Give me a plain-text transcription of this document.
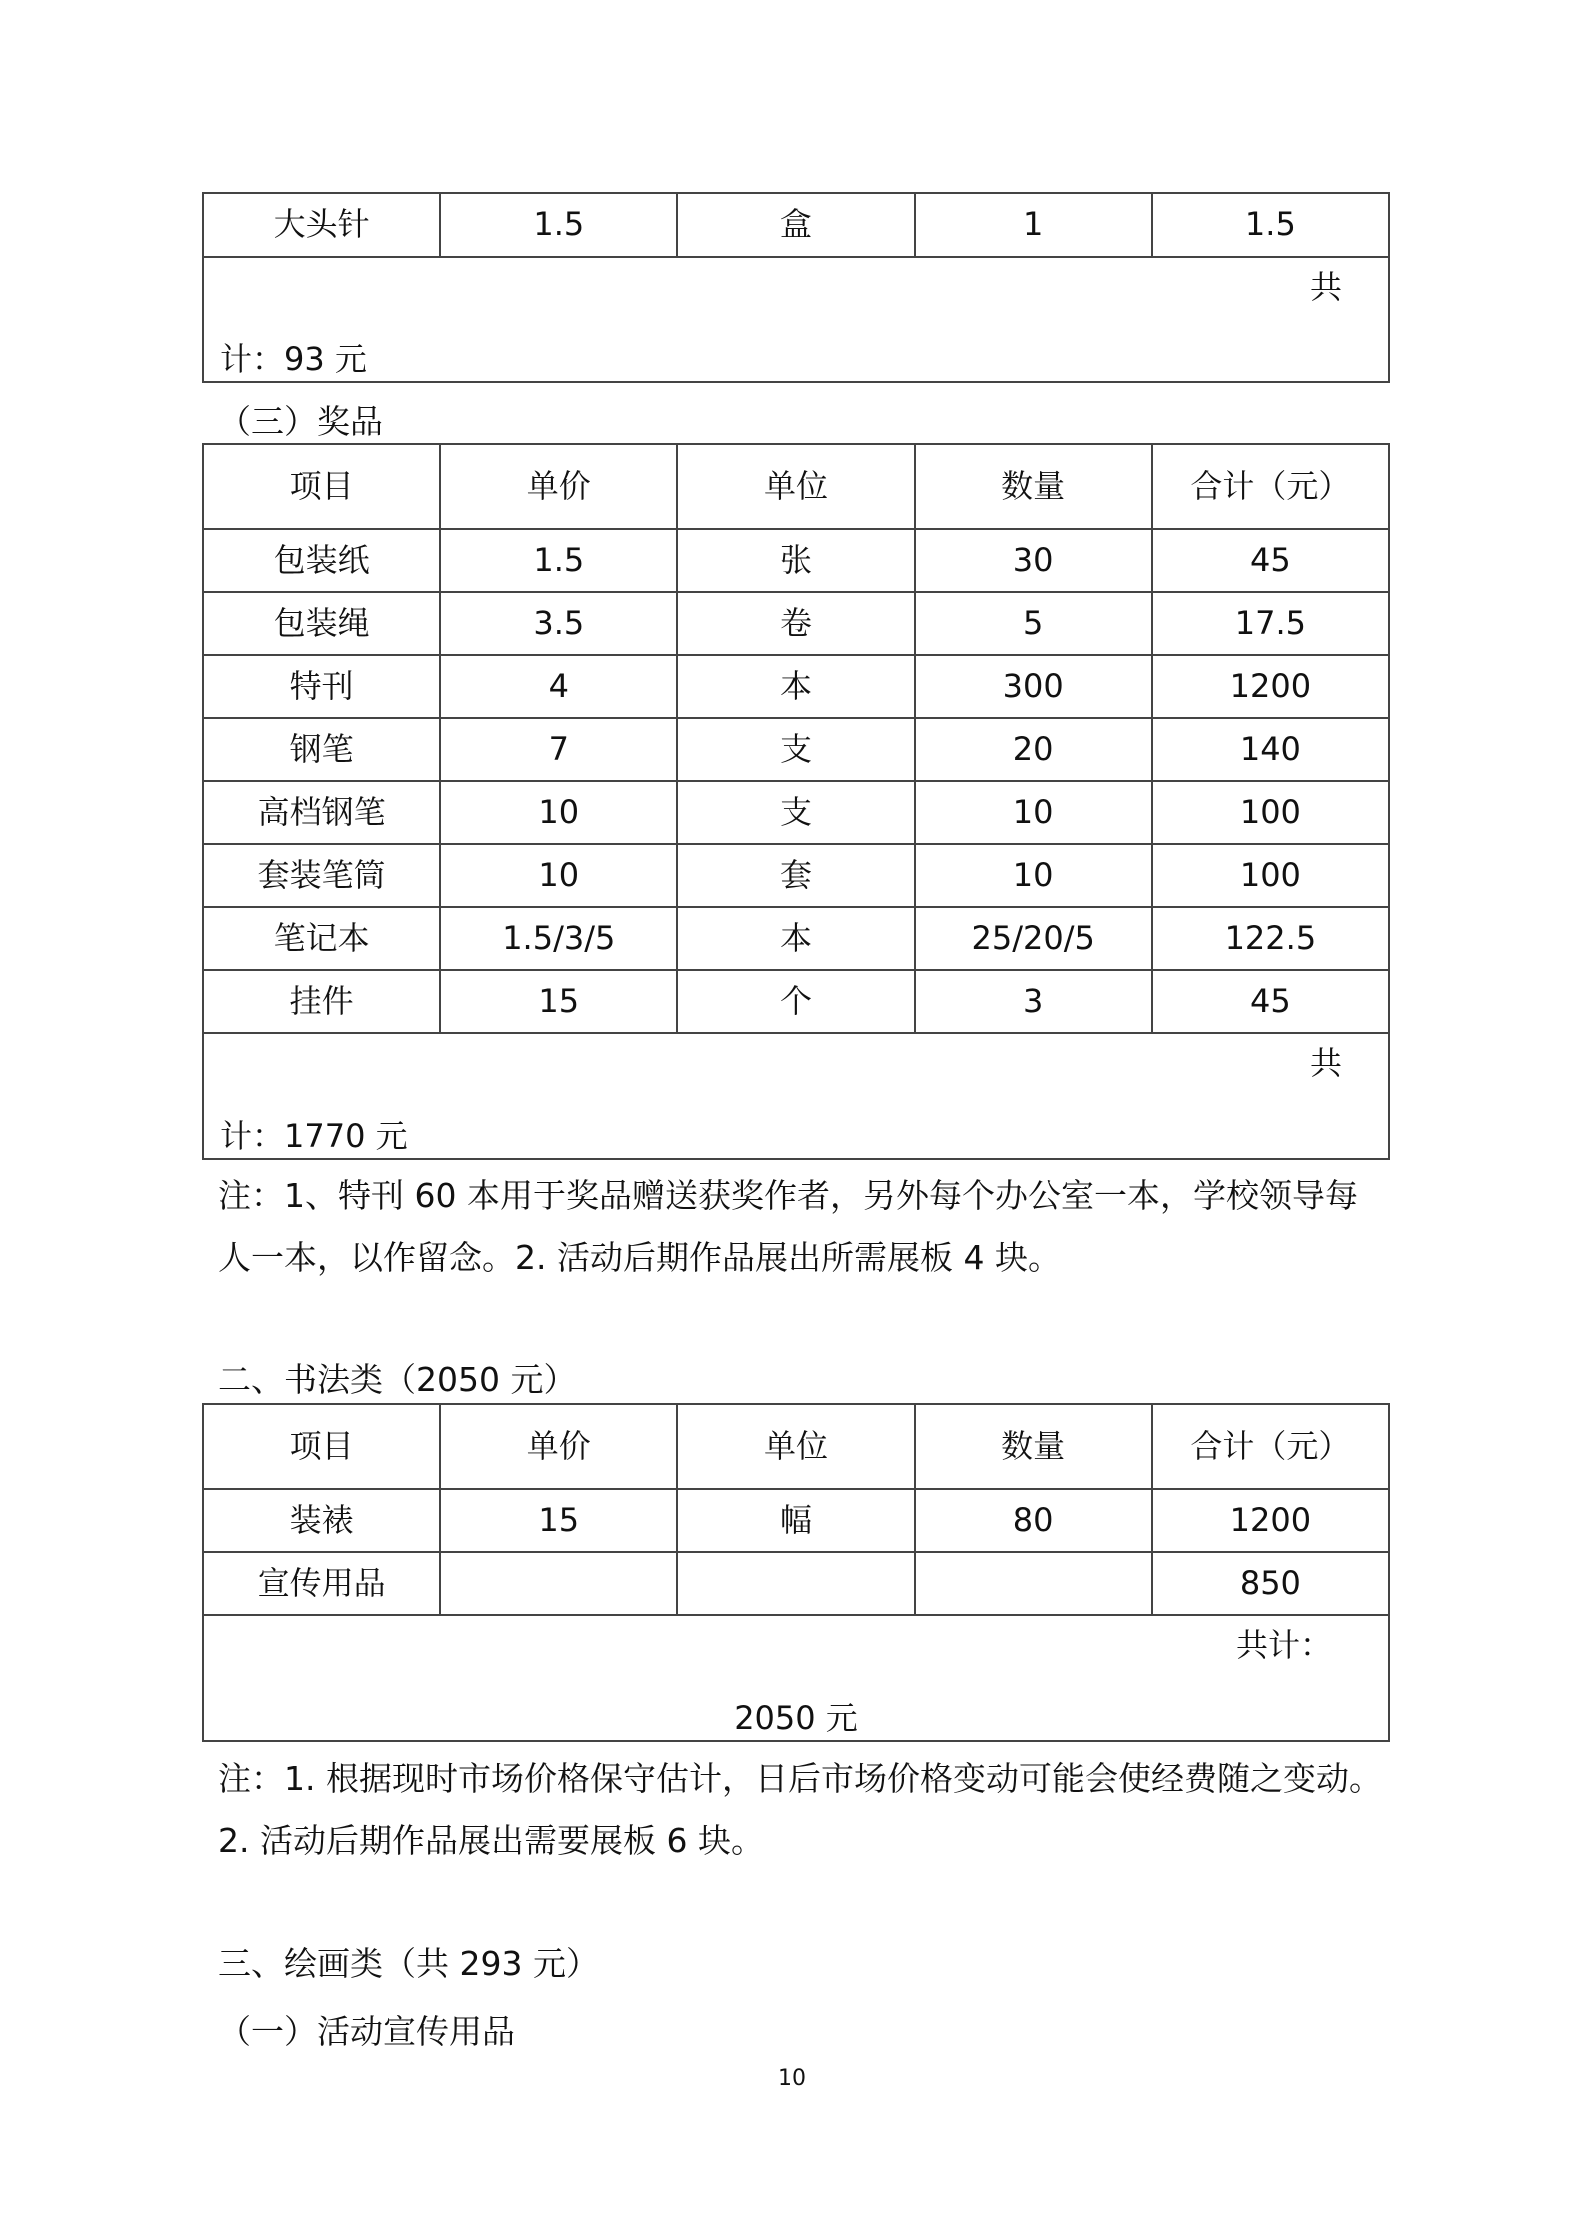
大头针	1.5	盒	1	1.5

共
计：93 元
（三）奖品
项目	单价	单位	数量	合计（元）
包装纸	1.5	张	30	45
包装绳	3.5	卷	5	17.5
特刊	4	本	300	1200
钢笔	7	支	20	140
高档钢笔	10	支	10	100
套装笔筒	10	套	10	100
笔记本	1.5/3/5	本	25/20/5	122.5
挂件	15	个	3	45

共
计：1770 元				
注：1、特刊 60 本用于奖品赠送获奖作者，另外每个办公室一本，学校领导每人一本，以作留念。2. 活动后期作品展出所需展板 4 块。
二、书法类（2050 元）
项目	单价	单位	数量	合计（元）
装裱	15	幅	80	1200
宣传用品				850

共计：
2050 元				
注：1. 根据现时市场价格保守估计，日后市场价格变动可能会使经费随之变动。2. 活动后期作品展出需要展板 6 块。
三、绘画类（共 293 元）
（一）活动宣传用品
10
